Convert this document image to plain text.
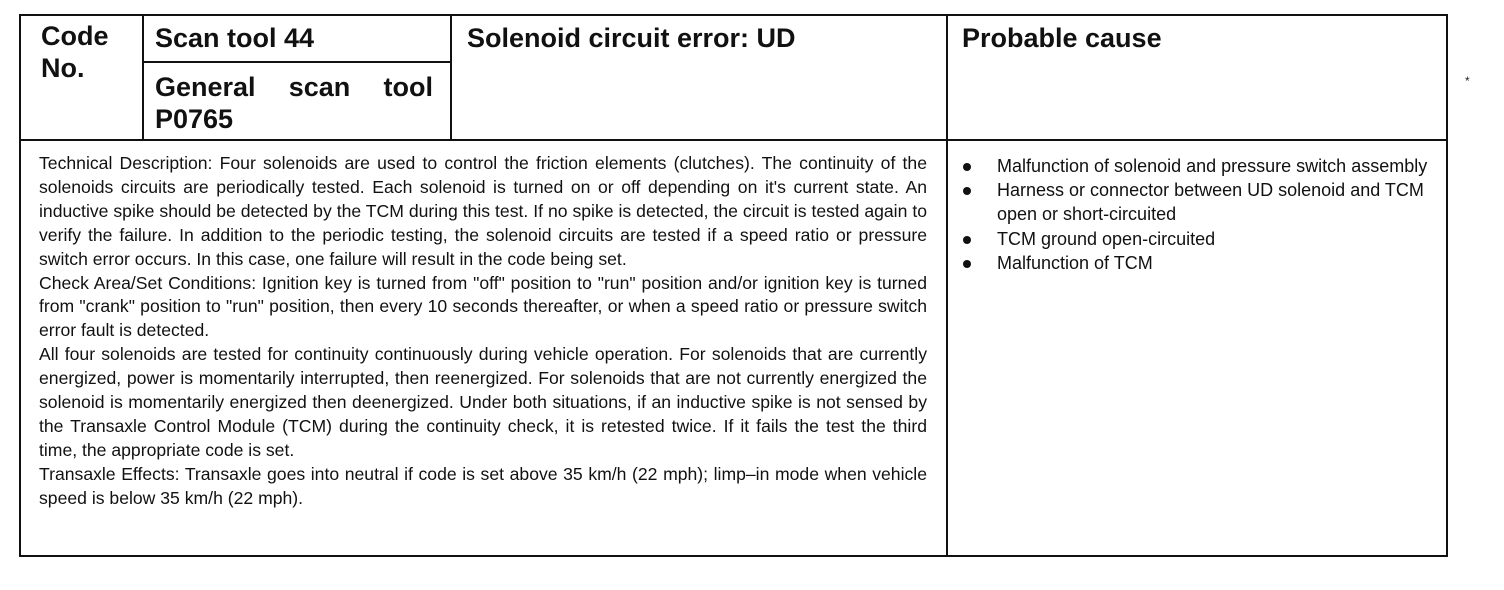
Code No.
Scan tool 44
General scan tool P0765
Solenoid circuit error: UD	Probable cause

Technical Description: Four solenoids are used to control the friction elements (clutches). The continuity of the solenoids circuits are periodically tested. Each solenoid is turned on or off depending on it's current state. An inductive spike should be detected by the TCM during this test. If no spike is detected, the circuit is tested again to verify the failure. In addition to the periodic testing, the solenoid circuits are tested if a speed ratio or pressure switch error occurs. In this case, one failure will result in the code being set.

Check Area/Set Conditions: Ignition key is turned from "off" position to "run" position and/or ignition key is turned from "crank" position to "run" position, then every 10 seconds thereafter, or when a speed ratio or pressure switch error fault is detected.

All four solenoids are tested for continuity continuously during vehicle operation. For solenoids that are currently energized, power is momentarily interrupted, then reenergized. For solenoids that are not currently energized the solenoid is momentarily energized then deenergized. Under both situations, if an inductive spike is not sensed by the Transaxle Control Module (TCM) during the continuity check, it is retested twice. If it fails the test the third time, the appropriate code is set.

Transaxle Effects: Transaxle goes into neutral if code is set above 35 km/h (22 mph); limp–in mode when vehicle speed is below 35 km/h (22 mph).

Malfunction of solenoid and pressure switch assembly
Harness or connector between UD solenoid and TCM open or short-circuited
TCM ground open-circuited
Malfunction of TCM
*
